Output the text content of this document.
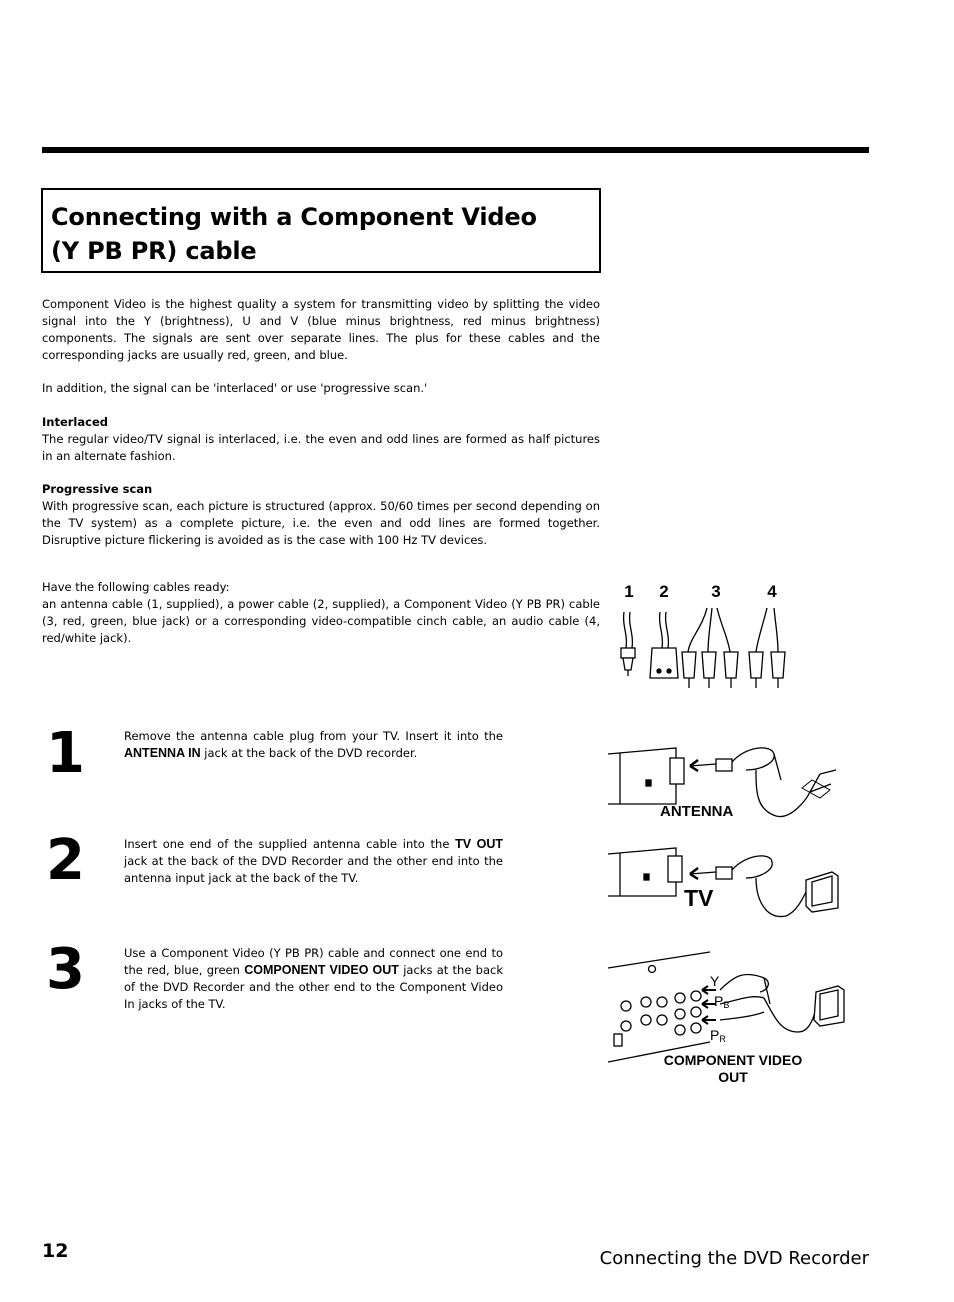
Connecting with a Component Video
(Y PB PR) cable
Component Video is the highest quality a system for transmitting video by splitting the video signal into the Y (brightness), U and V (blue minus brightness, red minus brightness) components. The signals are sent over separate lines. The plus for these cables and the corresponding jacks are usually red, green, and blue.
In addition, the signal can be 'interlaced' or use 'progressive scan.'
Interlaced
The regular video/TV signal is interlaced, i.e. the even and odd lines are formed as half pictures in an alternate fashion.
Progressive scan
With progressive scan, each picture is structured (approx. 50/60 times per second depending on the TV system) as a complete picture, i.e. the even and odd lines are formed together. Disruptive picture flickering is avoided as is the case with 100 Hz TV devices.
Have the following cables ready:
an antenna cable (1, supplied), a power cable (2, supplied), a Component Video (Y PB PR) cable (3, red, green, blue jack) or a corresponding video-compatible cinch cable, an audio cable (4, red/white jack).
1 2	3	4
1	Remove the antenna cable plug from your TV. Insert it into the ANTENNA IN jack at the back of the DVD recorder.
2	Insert one end of the supplied antenna cable into the TV OUT jack at the back of the DVD Recorder and the other end into the antenna input jack at the back of the TV.
3	Use a Component Video (Y PB PR) cable and connect one end to the red, blue, green COMPONENT VIDEO OUT jacks at the back of the DVD Recorder and the other end to the Component Video In jacks of the TV.
ANTENNA
TV
Y
PB
PR
COMPONENT VIDEO
OUT
12	Connecting the DVD Recorder
